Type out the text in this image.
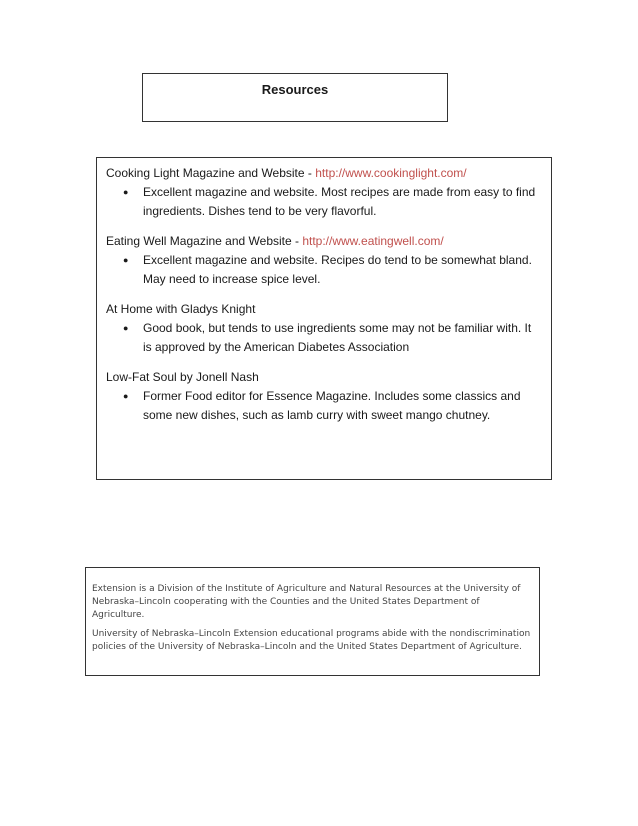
Resources
Cooking Light Magazine and Website - http://www.cookinglight.com/
●	Excellent magazine and website. Most recipes are made from easy to find ingredients. Dishes tend to be very flavorful.
Eating Well Magazine and Website - http://www.eatingwell.com/
●	Excellent magazine and website. Recipes do tend to be somewhat bland. May need to increase spice level.
At Home with Gladys Knight
●	Good book, but tends to use ingredients some may not be familiar with. It is approved by the American Diabetes Association
Low-Fat Soul by Jonell Nash
●	Former Food editor for Essence Magazine. Includes some classics and some new dishes, such as lamb curry with sweet mango chutney.

Extension is a Division of the Institute of Agriculture and Natural Resources at the University of Nebraska–Lincoln cooperating with the Counties and the United States Department of Agriculture.

University of Nebraska–Lincoln Extension educational programs abide with the nondiscrimination policies of the University of Nebraska–Lincoln and the United States Department of Agriculture.
